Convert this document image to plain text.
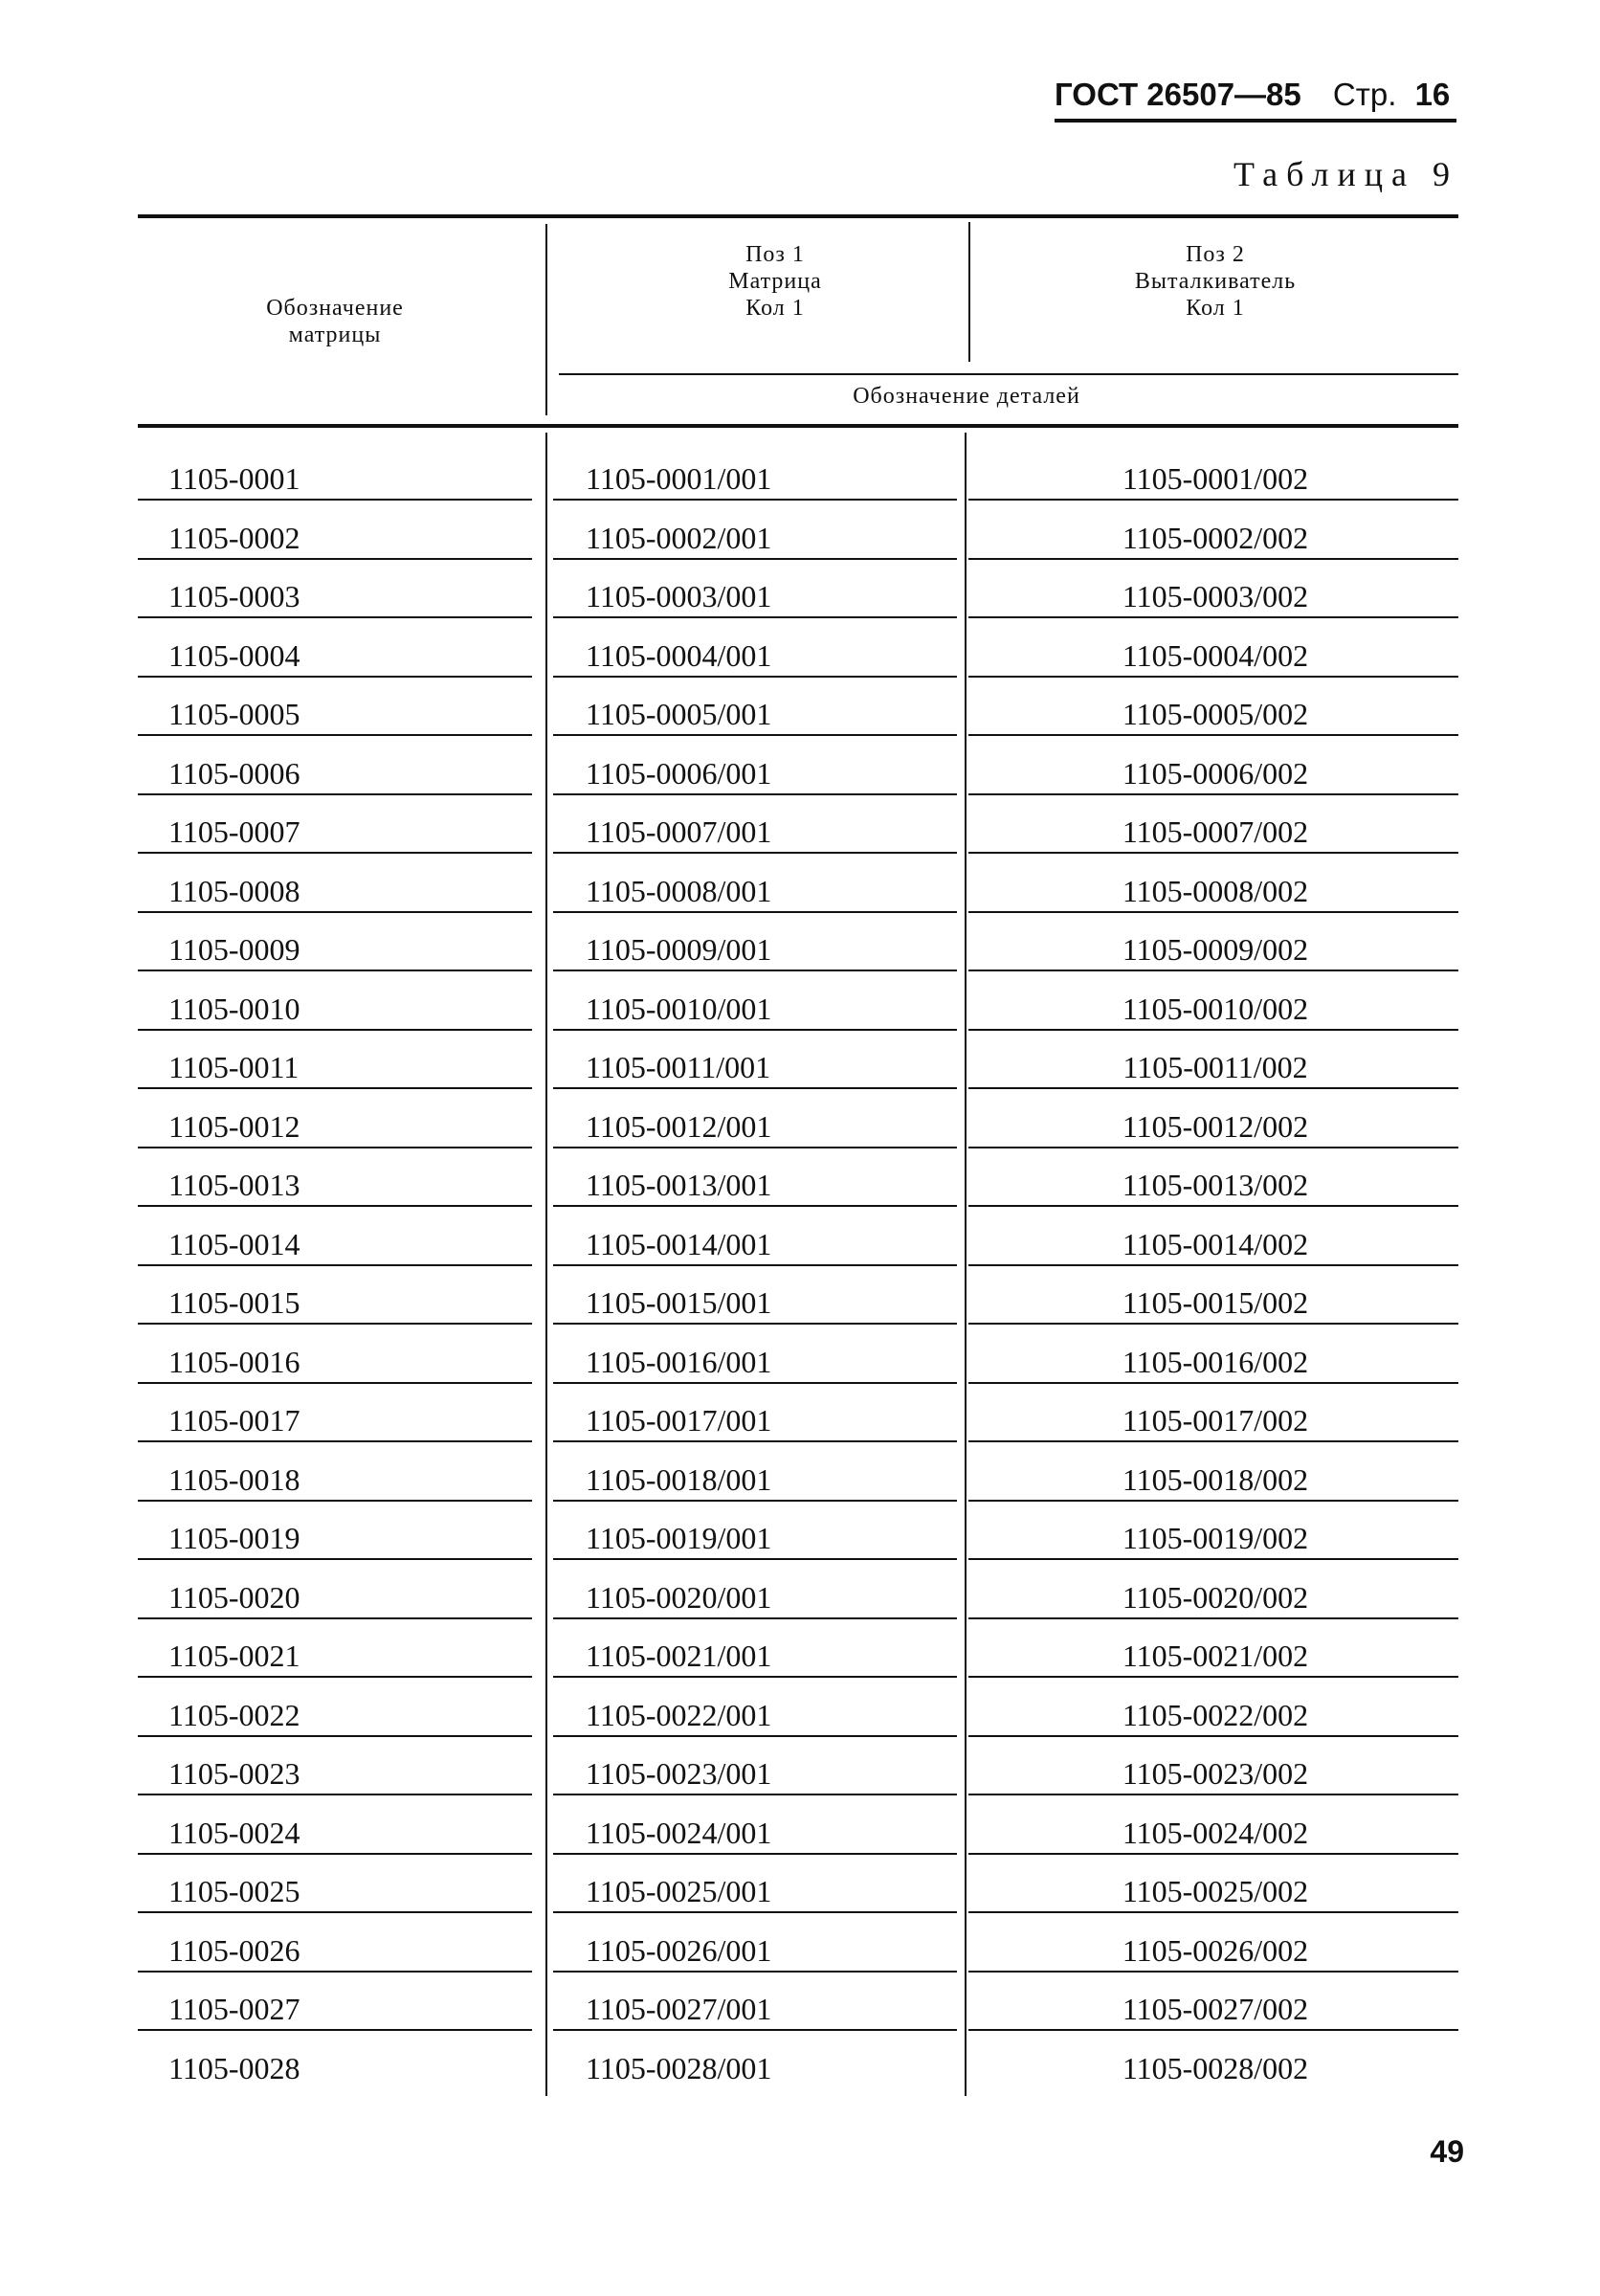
ГОСТ 26507—85 Стр. 16
Таблица 9
Обозначение
матрицы
Поз 1
Матрица
Кол 1
Поз 2
Выталкиватель
Кол 1
Обозначение деталей
1105-0001	1105-0001/001	1105-0001/002
1105-0002	1105-0002/001	1105-0002/002
1105-0003	1105-0003/001	1105-0003/002
1105-0004	1105-0004/001	1105-0004/002
1105-0005	1105-0005/001	1105-0005/002
1105-0006	1105-0006/001	1105-0006/002
1105-0007	1105-0007/001	1105-0007/002
1105-0008	1105-0008/001	1105-0008/002
1105-0009	1105-0009/001	1105-0009/002
1105-0010	1105-0010/001	1105-0010/002
1105-0011	1105-0011/001	1105-0011/002
1105-0012	1105-0012/001	1105-0012/002
1105-0013	1105-0013/001	1105-0013/002
1105-0014	1105-0014/001	1105-0014/002
1105-0015	1105-0015/001	1105-0015/002
1105-0016	1105-0016/001	1105-0016/002
1105-0017	1105-0017/001	1105-0017/002
1105-0018	1105-0018/001	1105-0018/002
1105-0019	1105-0019/001	1105-0019/002
1105-0020	1105-0020/001	1105-0020/002
1105-0021	1105-0021/001	1105-0021/002
1105-0022	1105-0022/001	1105-0022/002
1105-0023	1105-0023/001	1105-0023/002
1105-0024	1105-0024/001	1105-0024/002
1105-0025	1105-0025/001	1105-0025/002
1105-0026	1105-0026/001	1105-0026/002
1105-0027	1105-0027/001	1105-0027/002
1105-0028	1105-0028/001	1105-0028/002
49
